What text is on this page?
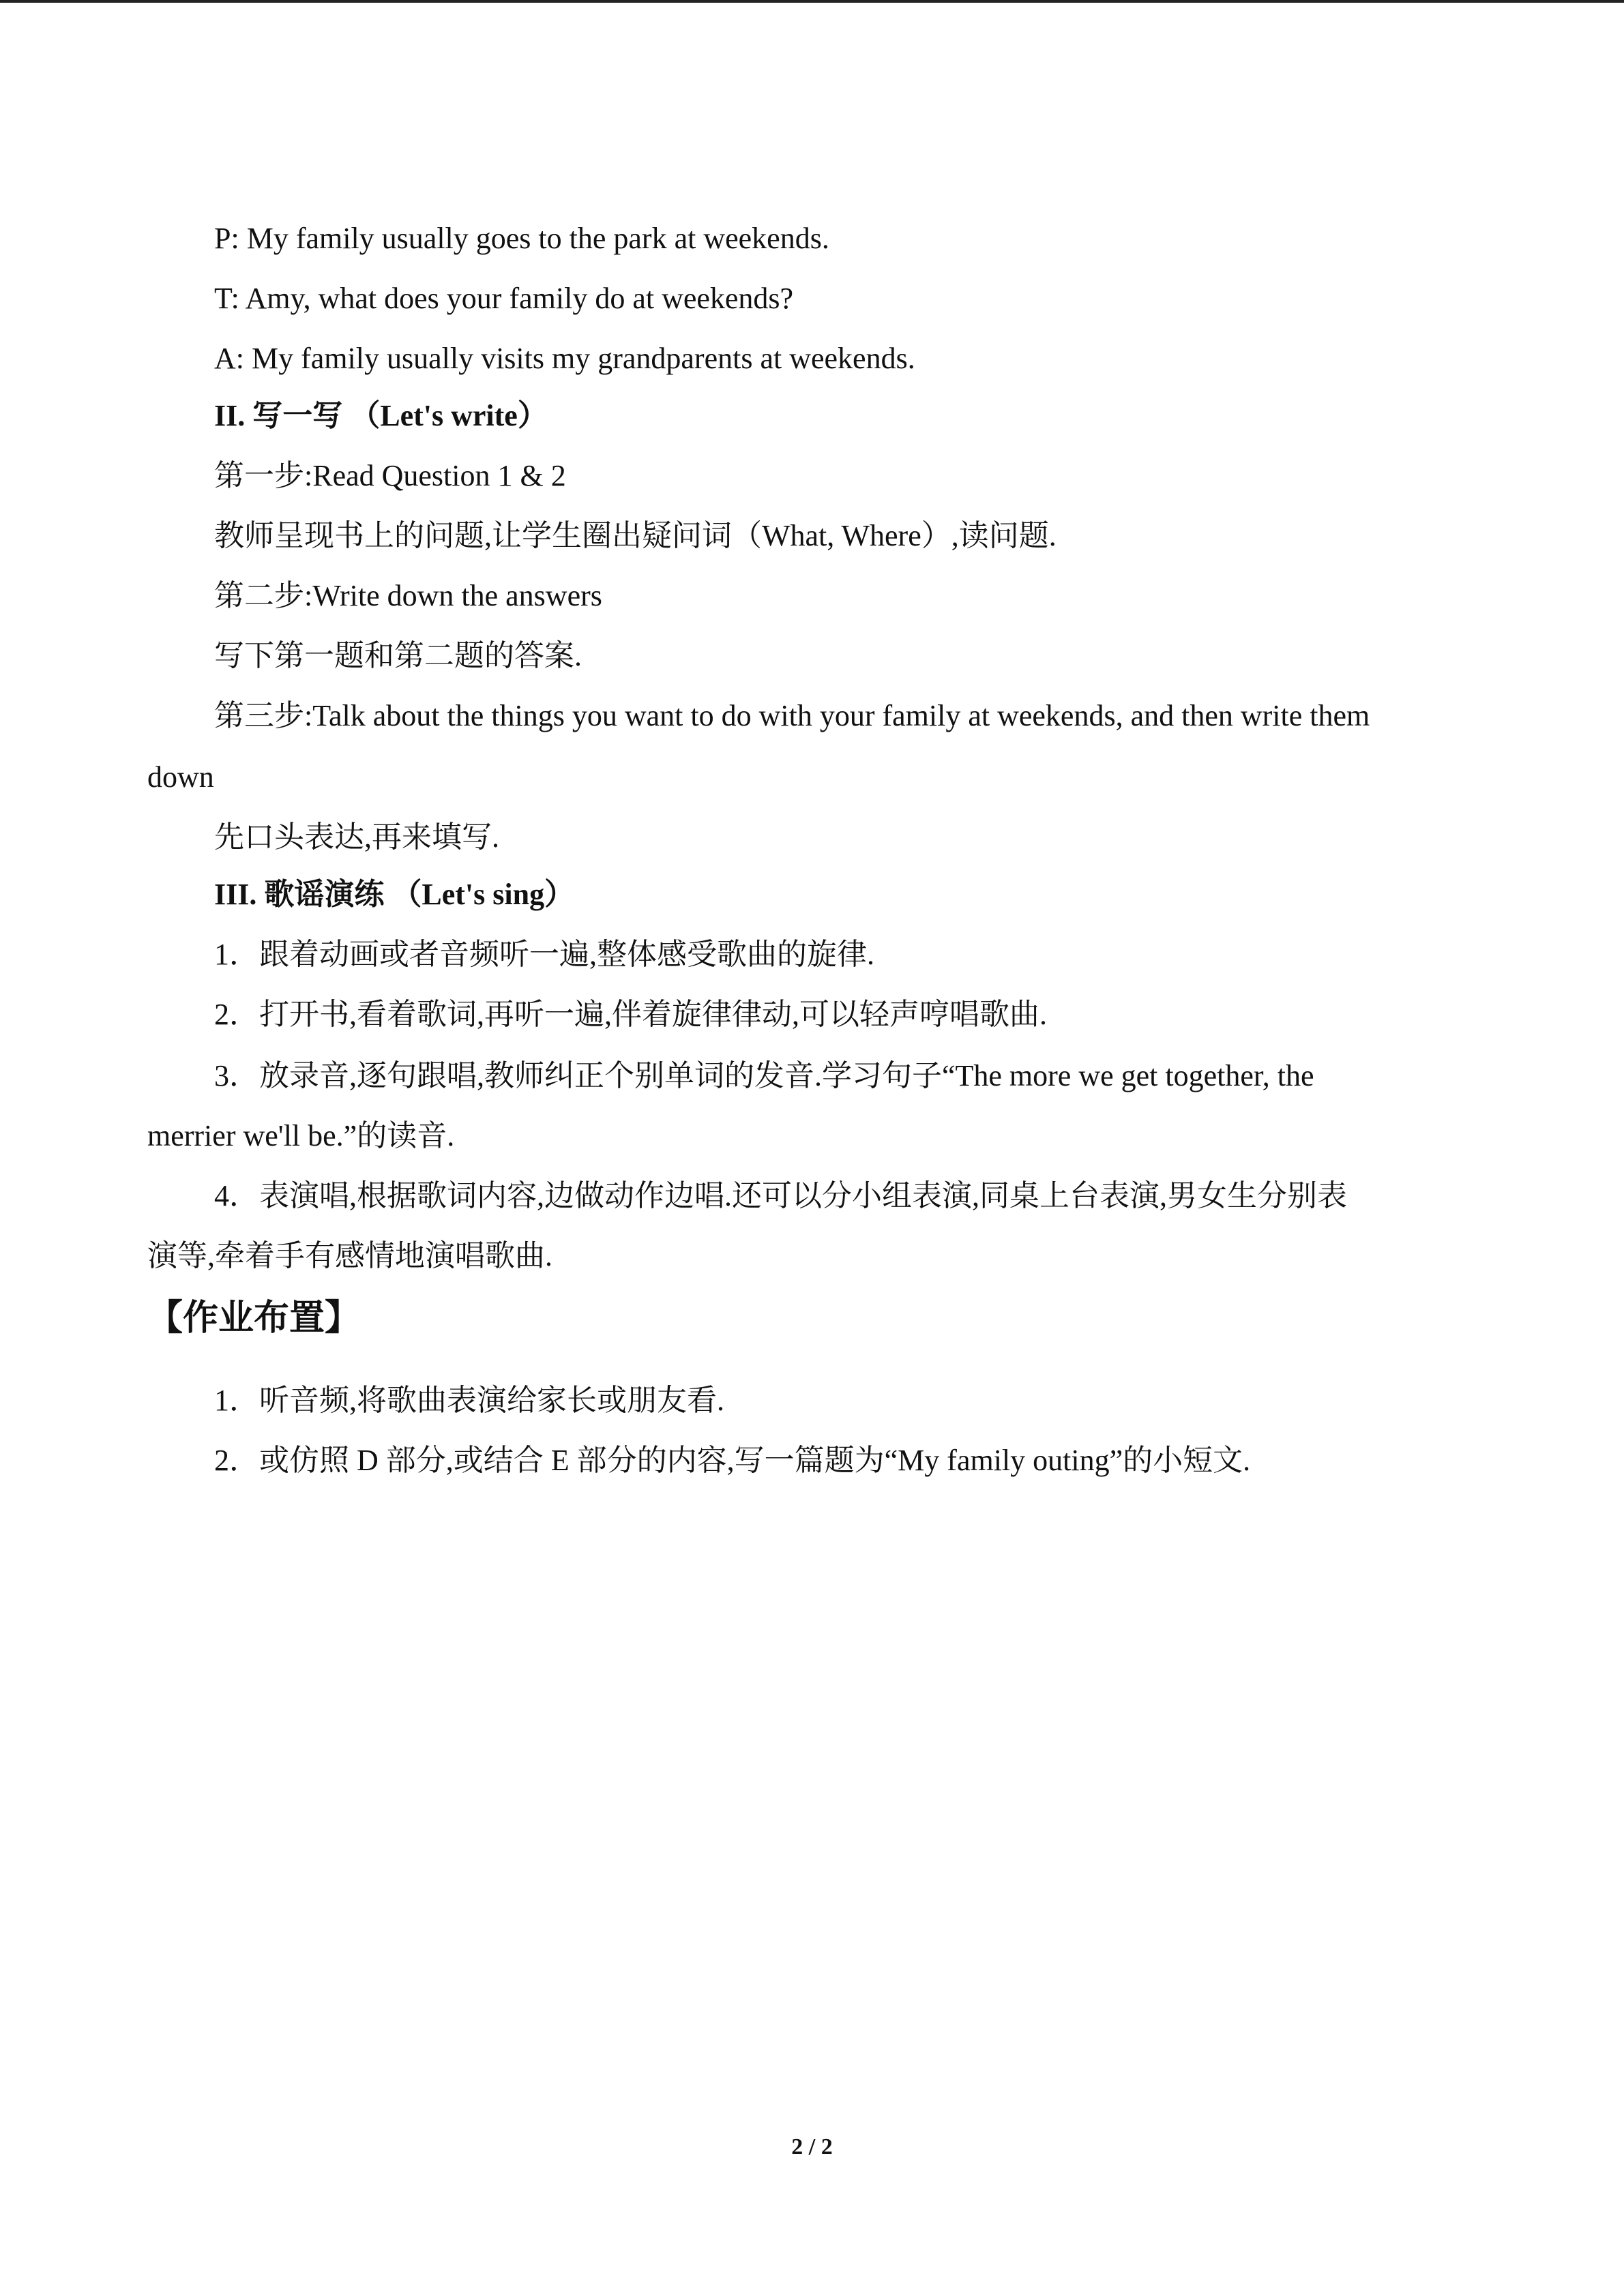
P: My family usually goes to the park at weekends.
T: Amy, what does your family do at weekends?
A: My family usually visits my grandparents at weekends.
II. 写一写 （Let's write）
第一步:Read Question 1 & 2
教师呈现书上的问题,让学生圈出疑问词（What, Where）,读问题.
第二步:Write down the answers
写下第一题和第二题的答案.
第三步:Talk about the things you want to do with your family at weekends, and then write them
down
先口头表达,再来填写.
III. 歌谣演练 （Let's sing）
1．跟着动画或者音频听一遍,整体感受歌曲的旋律.
2．打开书,看着歌词,再听一遍,伴着旋律律动,可以轻声哼唱歌曲.
3．放录音,逐句跟唱,教师纠正个别单词的发音.学习句子“The more we get together, the
merrier we'll be.”的读音.
4．表演唱,根据歌词内容,边做动作边唱.还可以分小组表演,同桌上台表演,男女生分别表
演等,牵着手有感情地演唱歌曲.
【作业布置】
1．听音频,将歌曲表演给家长或朋友看.
2．或仿照 D 部分,或结合 E 部分的内容,写一篇题为“My family outing”的小短文.
2 / 2
